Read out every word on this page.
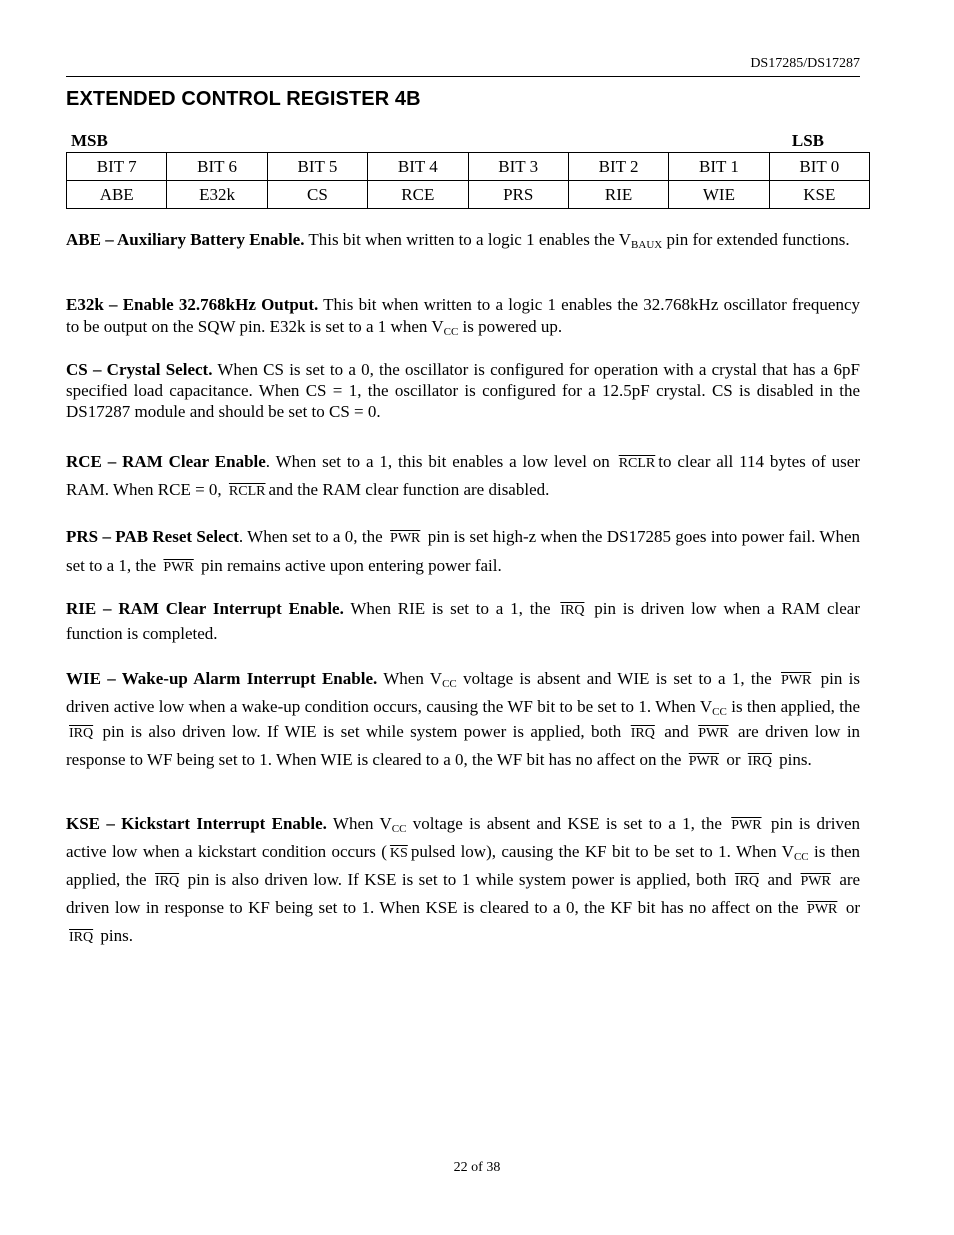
DS17285/DS17287
EXTENDED CONTROL REGISTER 4B
MSB	LSB
BIT 7	BIT 6	BIT 5	BIT 4	BIT 3	BIT 2	BIT 1	BIT 0
ABE	E32k	CS	RCE	PRS	RIE	WIE	KSE

ABE – Auxiliary Battery Enable. This bit when written to a logic 1 enables the $V_{BAUX}$ pin for extended functions.

E32k – Enable 32.768kHz Output. This bit when written to a logic 1 enables the 32.768kHz oscillator frequency to be output on the SQW pin. E32k is set to a 1 when $V_{CC}$ is powered up.

CS – Crystal Select. When CS is set to a 0, the oscillator is configured for operation with a crystal that has a 6pF specified load capacitance. When CS = 1, the oscillator is configured for a 12.5pF crystal. CS is disabled in the DS17287 module and should be set to CS = 0.

RCE – RAM Clear Enable. When set to a 1, this bit enables a low level on RCLR to clear all 114 bytes of user RAM. When RCE = 0, RCLR and the RAM clear function are disabled.

PRS – PAB Reset Select. When set to a 0, the $\overline{PWR}$ pin is set high-z when the DS17285 goes into power fail. When set to a 1, the $\overline{PWR}$ pin remains active upon entering power fail.

RIE – RAM Clear Interrupt Enable. When RIE is set to a 1, the $\overline{IRQ}$ pin is driven low when a RAM clear function is completed.

WIE – Wake-up Alarm Interrupt Enable. When $V_{CC}$ voltage is absent and WIE is set to a 1, the $\overline{PWR}$ pin is driven active low when a wake-up condition occurs, causing the WF bit to be set to 1. When $V_{CC}$ is then applied, the $\overline{IRQ}$ pin is also driven low. If WIE is set while system power is applied, both $\overline{IRQ}$ and $\overline{PWR}$ are driven low in response to WF being set to 1. When WIE is cleared to a 0, the WF bit has no affect on the $\overline{PWR}$ or $\overline{IRQ}$ pins.

KSE – Kickstart Interrupt Enable. When $V_{CC}$ voltage is absent and KSE is set to a 1, the $\overline{PWR}$ pin is driven active low when a kickstart condition occurs ( $\overline{KS}$ pulsed low), causing the KF bit to be set to 1. When $V_{CC}$ is then applied, the $\overline{IRQ}$ pin is also driven low. If KSE is set to 1 while system power is applied, both $\overline{IRQ}$ and $\overline{PWR}$ are driven low in response to KF being set to 1. When KSE is cleared to a 0, the KF bit has no affect on the $\overline{PWR}$ or $\overline{IRQ}$ pins.

22 of 38
